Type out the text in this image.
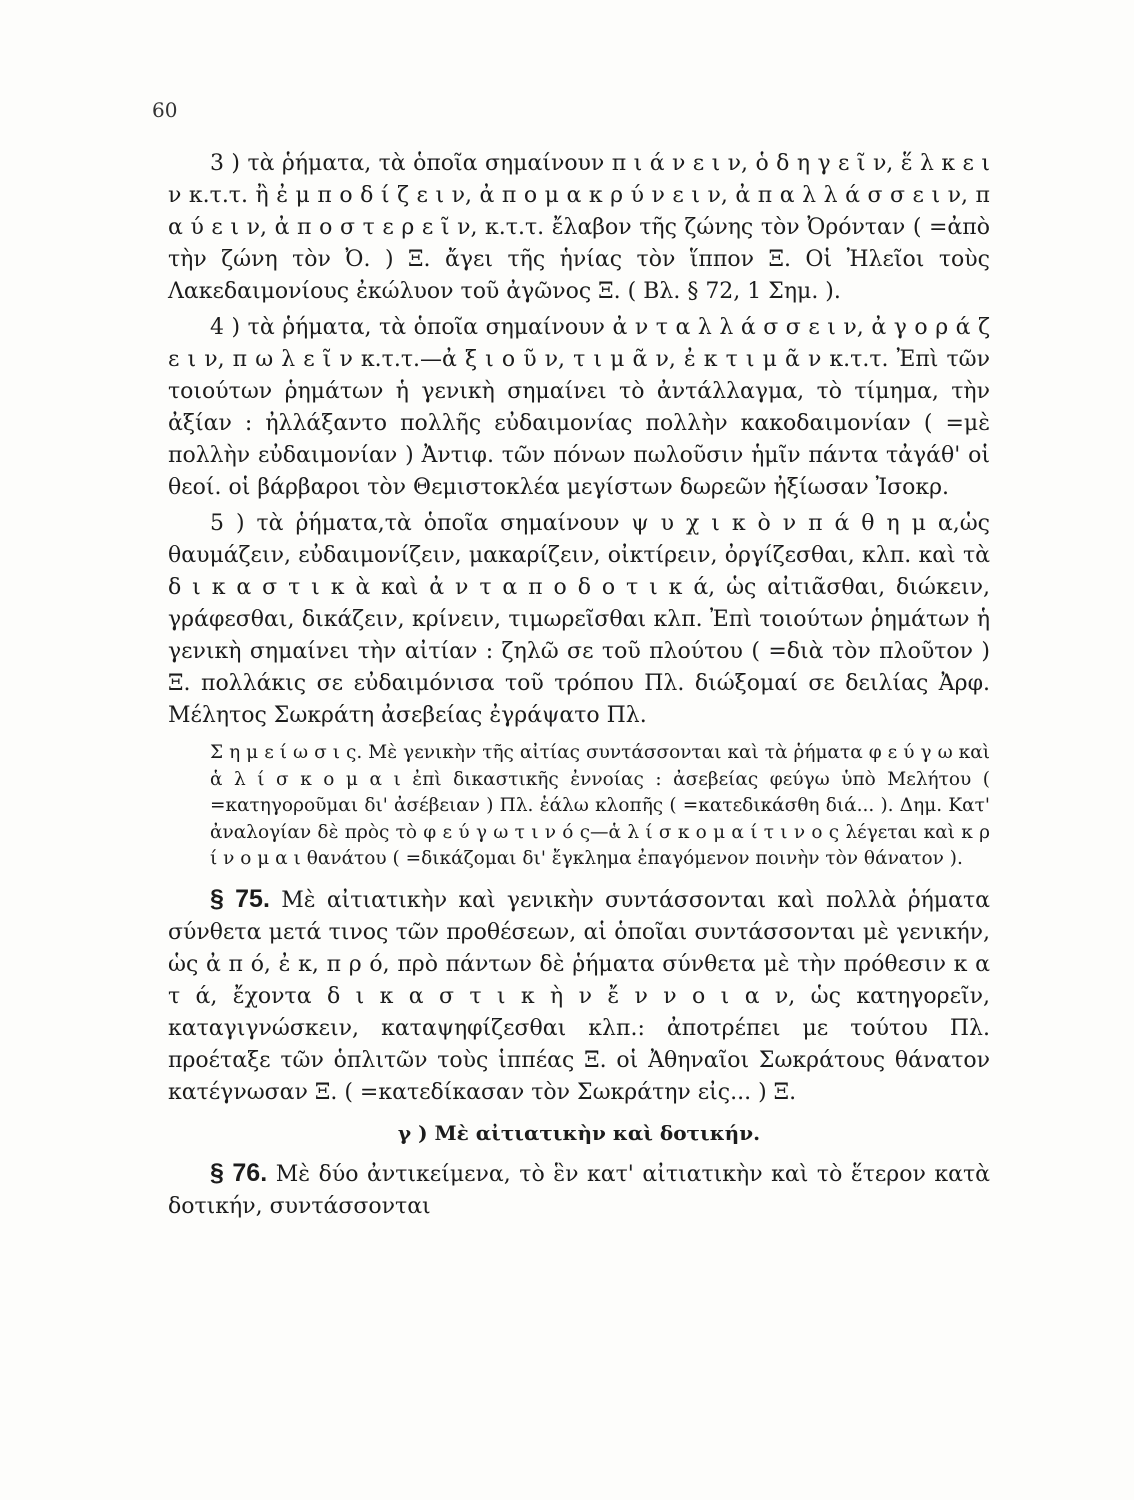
60

3 ) τὰ ῥήματα, τὰ ὁποῖα σημαίνουν π ι ά ν ε ι ν, ὁ δ η γ ε ῖ ν, ἕ λ κ ε ι ν κ.τ.τ. ἢ ἐ μ π ο δ ί ζ ε ι ν, ἀ π ο μ α κ ρ ύ ν ε ι ν, ἀ π α λ λ ά σ σ ε ι ν, π α ύ ε ι ν, ἀ π ο σ τ ε ρ ε ῖ ν, κ.τ.τ. ἔλαβον τῆς ζώνης τὸν Ὀρόνταν ( =ἀπὸ τὴν ζώνη τὸν Ὀ. ) Ξ. ἄγει τῆς ἡνίας τὸν ἵππον Ξ. Οἱ Ἠλεῖοι τοὺς Λακεδαιμονίους ἐκώλυον τοῦ ἀγῶνος Ξ. ( Βλ. § 72, 1 Σημ. ).

4 ) τὰ ῥήματα, τὰ ὁποῖα σημαίνουν ἀ ν τ α λ λ ά σ σ ε ι ν, ἀ γ ο ρ ά ζ ε ι ν, π ω λ ε ῖ ν κ.τ.τ.—ἀ ξ ι ο ῦ ν, τ ι μ ᾶ ν, ἐ κ τ ι μ ᾶ ν κ.τ.τ. Ἐπὶ τῶν τοιούτων ῥημάτων ἡ γενικὴ σημαίνει τὸ ἀντάλλαγμα, τὸ τίμημα, τὴν ἀξίαν : ἠλλάξαντο πολλῆς εὐδαιμονίας πολλὴν κακοδαιμονίαν ( =μὲ πολλὴν εὐδαιμονίαν ) Ἀντιφ. τῶν πόνων πωλοῦσιν ἡμῖν πάντα τἀγάθ' οἱ θεοί. οἱ βάρβαροι τὸν Θεμιστοκλέα μεγίστων δωρεῶν ἠξίωσαν Ἰσοκρ.

5 ) τὰ ῥήματα,τὰ ὁποῖα σημαίνουν ψ υ χ ι κ ὸ ν π ά θ η μ α,ὡς θαυμάζειν, εὐδαιμονίζειν, μακαρίζειν, οἰκτίρειν, ὀργίζεσθαι, κλπ. καὶ τὰ δ ι κ α σ τ ι κ ὰ καὶ ἀ ν τ α π ο δ ο τ ι κ ά, ὡς αἰτιᾶσθαι, διώκειν, γράφεσθαι, δικάζειν, κρίνειν, τιμωρεῖσθαι κλπ. Ἐπὶ τοιούτων ῥημάτων ἡ γενικὴ σημαίνει τὴν αἰτίαν : ζηλῶ σε τοῦ πλούτου ( =διὰ τὸν πλοῦτον ) Ξ. πολλάκις σε εὐδαιμόνισα τοῦ τρόπου Πλ. διώξομαί σε δειλίας Ἀρφ. Μέλητος Σωκράτη ἀσεβείας ἐγράψατο Πλ.

Σ η μ ε ί ω σ ι ς. Μὲ γενικὴν τῆς αἰτίας συντάσσονται καὶ τὰ ῥήματα φ ε ύ γ ω καὶ ἁ λ ί σ κ ο μ α ι ἐπὶ δικαστικῆς ἐννοίας : ἀσεβείας φεύγω ὑπὸ Μελήτου ( =κατηγοροῦμαι δι' ἀσέβειαν ) Πλ. ἑάλω κλοπῆς ( =κατεδικάσθη διά... ). Δημ. Κατ' ἀναλογίαν δὲ πρὸς τὸ φ ε ύ γ ω τ ι ν ό ς—ἁ λ ί σ κ ο μ α ί τ ι ν ο ς λέγεται καὶ κ ρ ί ν ο μ α ι θανάτου ( =δικάζομαι δι' ἔγκλημα ἐπαγόμενον ποινὴν τὸν θάνατον ).

§ 75. Μὲ αἰτιατικὴν καὶ γενικὴν συντάσσονται καὶ πολλὰ ῥήματα σύνθετα μετά τινος τῶν προθέσεων, αἱ ὁποῖαι συντάσσονται μὲ γενικήν, ὡς ἀ π ό, ἐ κ, π ρ ό, πρὸ πάντων δὲ ῥήματα σύνθετα μὲ τὴν πρόθεσιν κ α τ ά, ἔχοντα δ ι κ α σ τ ι κ ὴ ν ἔ ν ν ο ι α ν, ὡς κατηγορεῖν, καταγιγνώσκειν, καταψηφίζεσθαι κλπ.: ἀποτρέπει με τούτου Πλ. προέταξε τῶν ὁπλιτῶν τοὺς ἱππέας Ξ. οἱ Ἀθηναῖοι Σωκράτους θάνατον κατέγνωσαν Ξ. ( =κατεδίκασαν τὸν Σωκράτην εἰς... ) Ξ.

γ ) Μὲ αἰτιατικὴν καὶ δοτικήν.

§ 76. Μὲ δύο ἀντικείμενα, τὸ ἓν κατ' αἰτιατικὴν καὶ τὸ ἕτερον κατὰ δοτικήν, συντάσσονται
